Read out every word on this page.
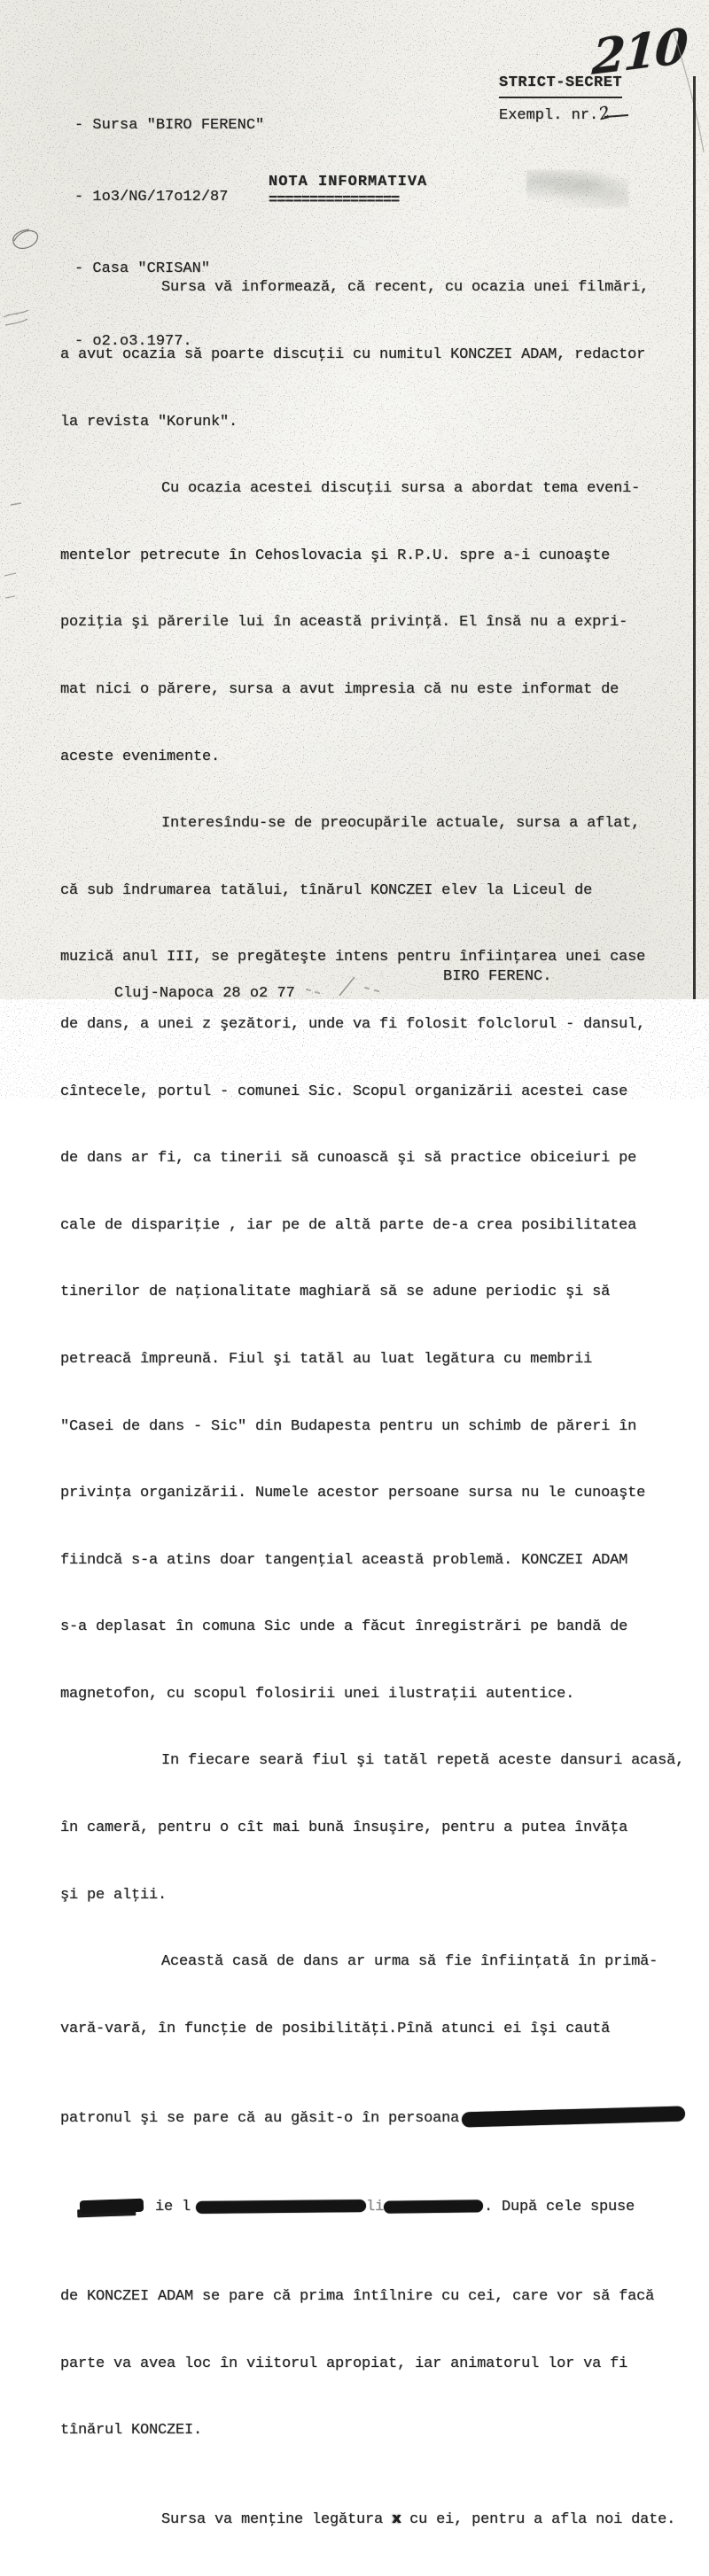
- Sursa "BIRO FERENC"

- 1o3/NG/17o12/87

- Casa "CRISAN"

- o2.o3.1977.

STRICT-SECRET
Exempl. nr.2
210
NOTA INFORMATIVA
================

Sursa vă informează, că recent, cu ocazia unei filmări,

a avut ocazia să poarte discuţii cu numitul KONCZEI ADAM, redactor

la revista "Korunk".

Cu ocazia acestei discuţii sursa a abordat tema eveni-

mentelor petrecute în Cehoslovacia şi R.P.U. spre a-i cunoaşte

poziţia şi părerile lui în această privinţă. El însă nu a expri-

mat nici o părere, sursa a avut impresia că nu este informat de

aceste evenimente.

Interesîndu-se de preocupările actuale, sursa a aflat,

că sub îndrumarea tatălui, tînărul KONCZEI elev la Liceul de

muzică anul III, se pregăteşte intens pentru înfiinţarea unei case

de dans, a unei z şezători, unde va fi folosit folclorul - dansul,

cîntecele, portul - comunei Sic. Scopul organizării acestei case

de dans ar fi, ca tinerii să cunoască şi să practice obiceiuri pe

cale de dispariţie , iar pe de altă parte de-a crea posibilitatea

tinerilor de naţionalitate maghiară să se adune periodic şi să

petreacă împreună. Fiul şi tatăl au luat legătura cu membrii

"Casei de dans - Sic" din Budapesta pentru un schimb de păreri în

privinţa organizării. Numele acestor persoane sursa nu le cunoaşte

fiindcă s-a atins doar tangenţial această problemă. KONCZEI ADAM

s-a deplasat în comuna Sic unde a făcut înregistrări pe bandă de

magnetofon, cu scopul folosirii unei ilustraţii autentice.

In fiecare seară fiul şi tatăl repetă aceste dansuri acasă,

în cameră, pentru o cît mai bună însuşire, pentru a putea învăţa

şi pe alţii.

Această casă de dans ar urma să fie înfiinţată în primă-

vară-vară, în funcţie de posibilităţi.Pînă atunci ei îşi caută

patronul şi se pare că au găsit-o în persoana

ie l	li	. După cele spuse

de KONCZEI ADAM se pare că prima întîlnire cu cei, care vor să facă

parte va avea loc în viitorul apropiat, iar animatorul lor va fi

tînărul KONCZEI.

Sursa va menţine legătura x cu ei, pentru a afla noi date.

Cluj-Napoca 28 o2 77

BIRO FERENC.
